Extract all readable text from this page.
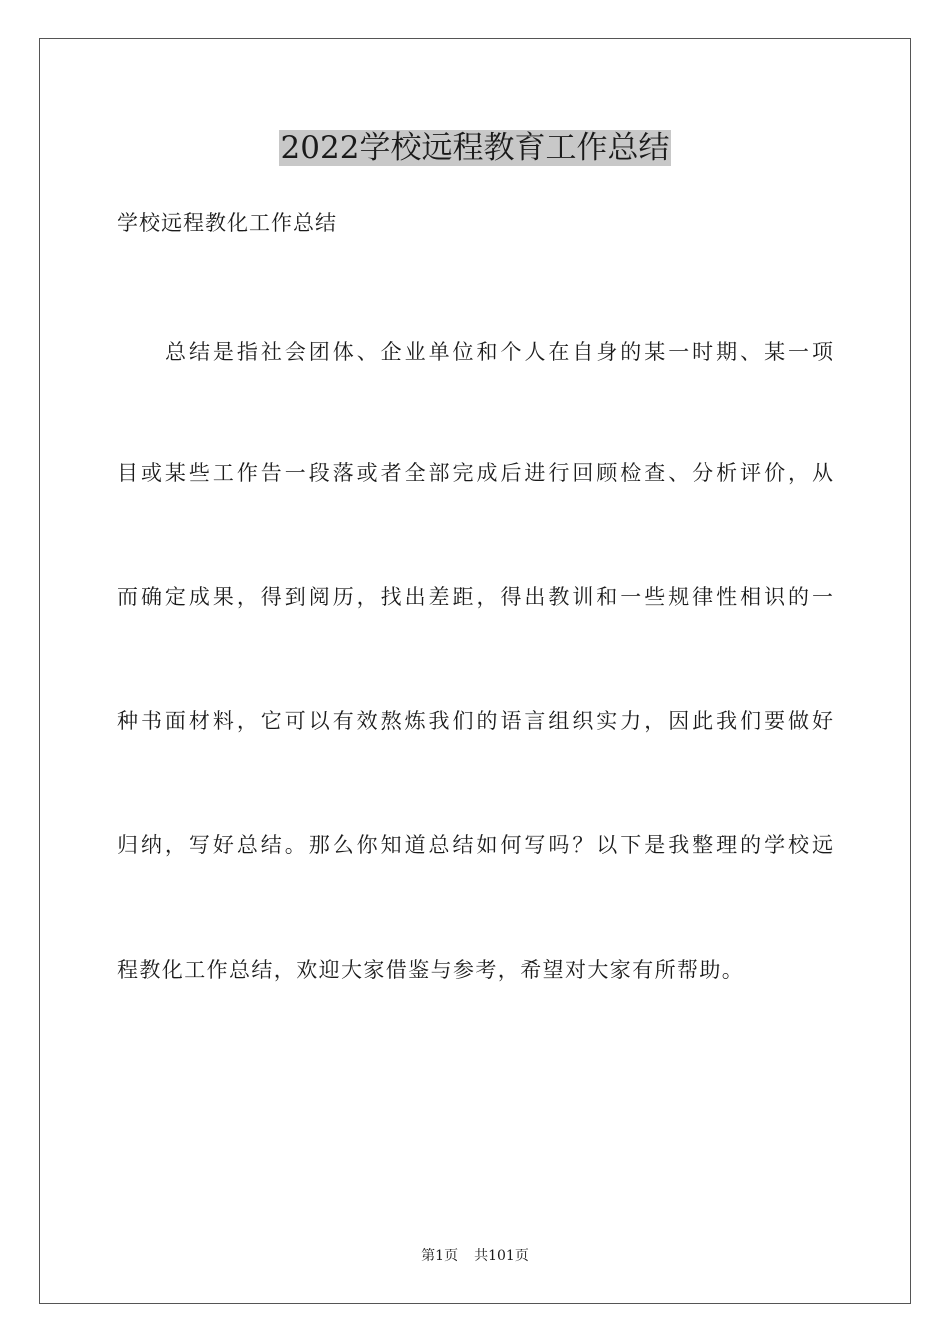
2022学校远程教育工作总结

学校远程教化工作总结

总结是指社会团体、企业单位和个人在自身的某一时期、某一项

目或某些工作告一段落或者全部完成后进行回顾检查、分析评价，从

而确定成果，得到阅历，找出差距，得出教训和一些规律性相识的一

种书面材料，它可以有效熬炼我们的语言组织实力，因此我们要做好

归纳，写好总结。那么你知道总结如何写吗？以下是我整理的学校远

程教化工作总结，欢迎大家借鉴与参考，希望对大家有所帮助。

第1页 共101页
